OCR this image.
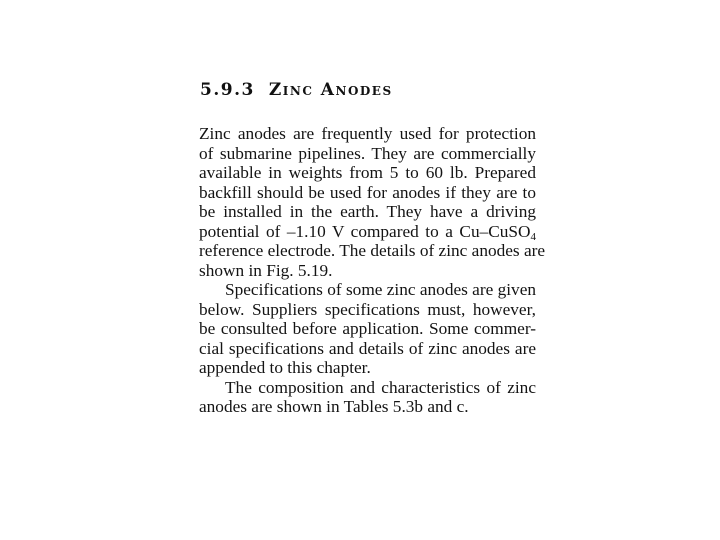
5.9.3 Zinc Anodes
Zinc anodes are frequently used for protection
of submarine pipelines. They are commercially
available in weights from 5 to 60 lb. Prepared
backfill should be used for anodes if they are to
be installed in the earth. They have a driving
potential of –1.10 V compared to a Cu–CuSO$_4$
reference electrode. The details of zinc anodes are
shown in Fig. 5.19.
Specifications of some zinc anodes are given
below. Suppliers specifications must, however,
be consulted before application. Some commer-
cial specifications and details of zinc anodes are
appended to this chapter.
The composition and characteristics of zinc
anodes are shown in Tables 5.3b and c.
